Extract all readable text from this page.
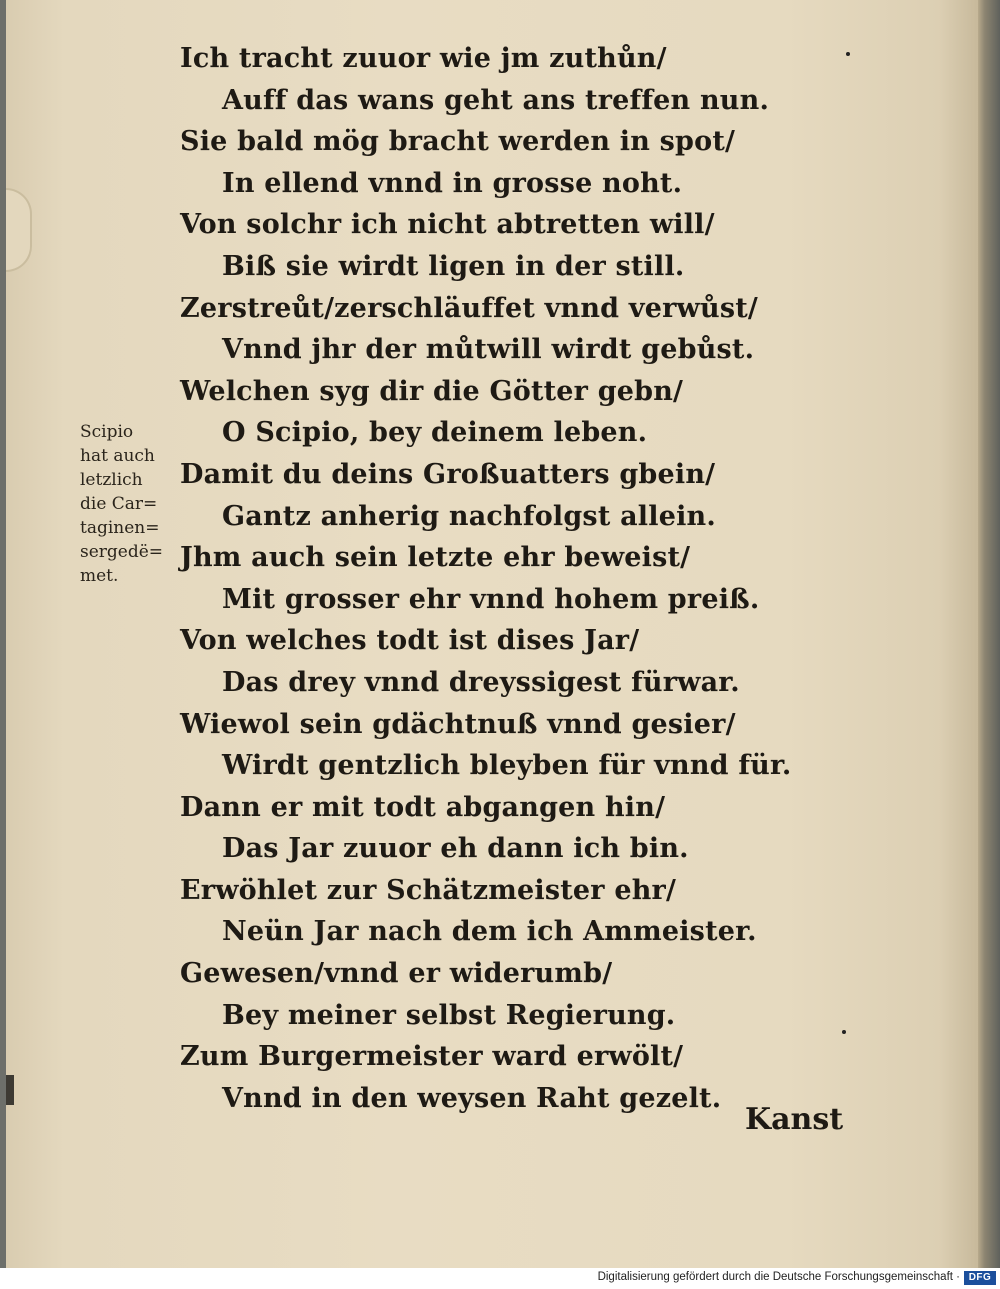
Ich tracht zuuor wie jm zuthůn/
Auff das wans geht ans treffen nun.
Sie bald mög bracht werden in spot/
In ellend vnnd in grosse noht.
Von solchr ich nicht abtretten will/
Biß sie wirdt ligen in der still.
Zerstreůt/zerschläuffet vnnd verwůst/
Vnnd jhr der můtwill wirdt gebůst.
Welchen syg dir die Götter gebn/
O Scipio, bey deinem leben.
Damit du deins Großuatters gbein/
Gantz anherig nachfolgst allein.
Jhm auch sein letzte ehr beweist/
Mit grosser ehr vnnd hohem preiß.
Von welches todt ist dises Jar/
Das drey vnnd dreyssigest fürwar.
Wiewol sein gdächtnuß vnnd gesier/
Wirdt gentzlich bleyben für vnnd für.
Dann er mit todt abgangen hin/
Das Jar zuuor eh dann ich bin.
Erwöhlet zur Schätzmeister ehr/
Neün Jar nach dem ich Ammeister.
Gewesen/vnnd er widerumb/
Bey meiner selbst Regierung.
Zum Burgermeister ward erwölt/
Vnnd in den weysen Raht gezelt.
Scipio
hat auch
letzlich
die Car=
taginen=
sergedë=
met.
Kanst
Digitalisierung gefördert durch die Deutsche Forschungsgemeinschaft · DFG
